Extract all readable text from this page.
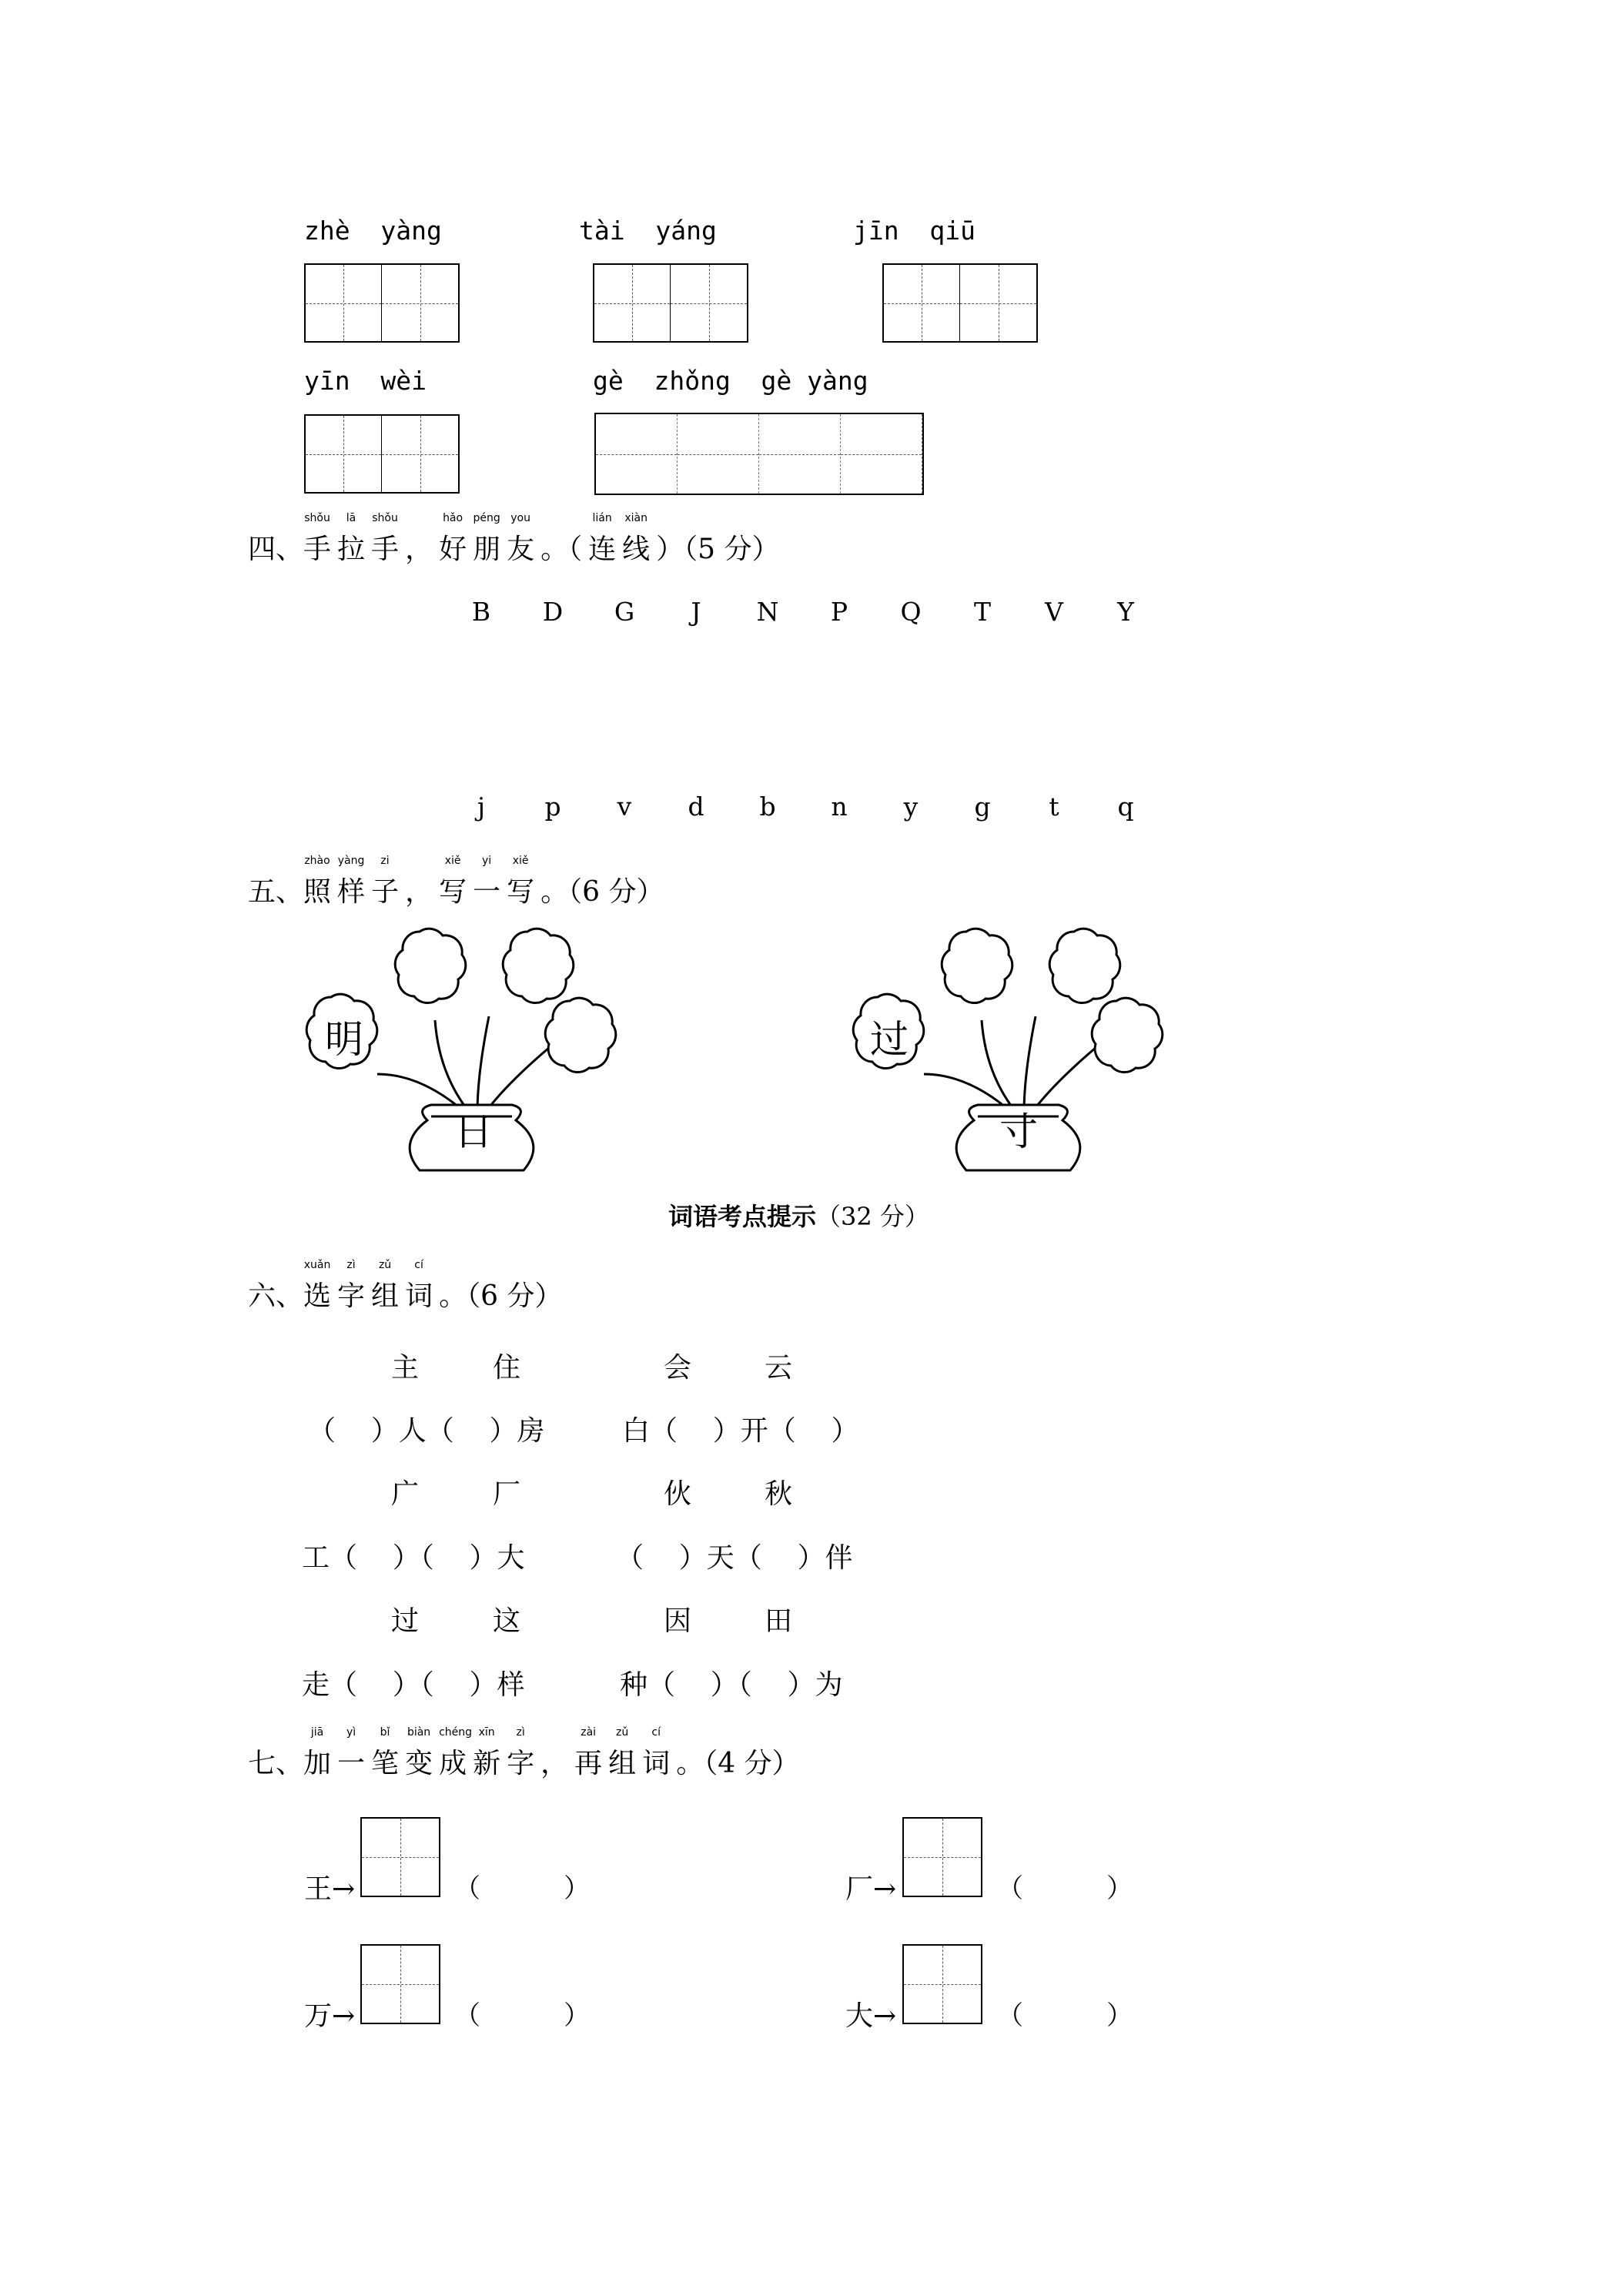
zhè  yàng	tài  yáng	jīn  qiū
yīn  wèi	gè  zhǒng  gè yàng
四、
shǒu
手
lā
拉
shǒu
手 ，
hǎo
好
péng
朋
you
友 。（
lián
连
xiàn
线 ）（5 分）
B D G	J	N P Q T V Y
j	p	v	d b n	y	g	t	q
五、
zhào
照
yàng
样
zi
子 ，
xiě
写
yi
一
xiě
写 。（6 分）
明
日
过
寸
词语考点提示（32 分）
六、
xuǎn
选
zì
字
zǔ
组
cí
词 。（6 分）
主	住	会	云
（    ）人（    ）房	白（    ）开（    ）
广	厂	伙	秋
工（    ）（    ）大	（    ）天（    ）伴
过	这	因	田
走（    ）（    ）样	种（    ）（    ）为
七、
jiā
加
yì
一
bǐ
笔
biàn
变
chéng
成
xīn
新
zì
字 ，
zài
再
zǔ
组
cí
词 。（4 分）
王→	（          ）	厂→	（          ）
万→	（          ）	大→	（          ）
